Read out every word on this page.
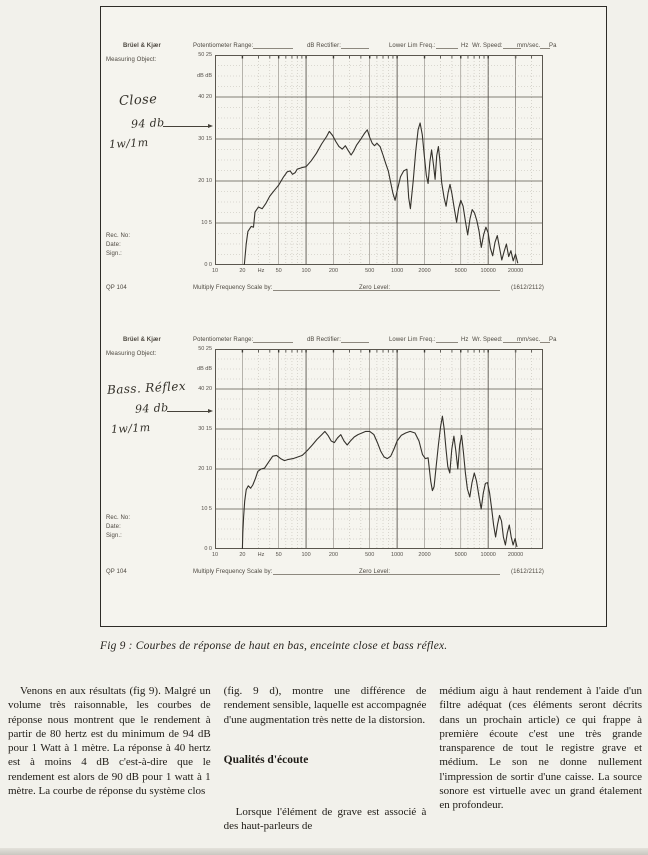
Brüel & Kjær	Potentiometer Range:	dB Rectifier:	Lower Lim Freq.:	Hz Wr. Speed:	mm/sec.	Pa
Measuring Object:
Close
94 db
1w/1m
50 25
dB dB
40 20
30 15
20 10
10 5
0 0
10	20 Hz 50	100	200	500	1000	2000	5000 10000 20000
Rec. No:
Date:
Sign.:
QP 104	Multiply Frequency Scale by:	Zero Level:	(1612/2112)
Brüel & Kjær	Potentiometer Range:	dB Rectifier:	Lower Lim Freq.:	Hz Wr. Speed:	mm/sec.	Pa
Measuring Object:
Bass. Réflex
94 db
1w/1m
50 25
dB dB
40 20
30 15
20 10
10 5
0 0
10	20 Hz 50	100	200	500	1000	2000	5000 10000 20000
Rec. No:
Date:
Sign.:
QP 104	Multiply Frequency Scale by:	Zero Level:	(1612/2112)
Fig 9 : Courbes de réponse de haut en bas, enceinte close et bass réflex.

Venons en aux résultats (fig 9). Malgré un volume très raisonnable, les courbes de réponse nous montrent que le rendement à partir de 80 hertz est du minimum de 94 dB pour 1 Watt à 1 mètre. La réponse à 40 hertz est à moins 4 dB c'est-à-dire que le rendement est alors de 90 dB pour 1 watt à 1 mètre. La courbe de réponse du système clos

(fig. 9 d), montre une différence de rendement sensible, laquelle est accompagnée d'une augmentation très nette de la distorsion.

Qualités d'écoute

Lorsque l'élément de grave est associé à des haut-parleurs de

médium aigu à haut rendement à l'aide d'un filtre adéquat (ces éléments seront décrits dans un prochain article) ce qui frappe à première écoute c'est une très grande transparence de tout le registre grave et médium. Le son ne donne nullement l'impression de sortir d'une caisse. La source sonore est virtuelle avec un grand étalement en profondeur.
